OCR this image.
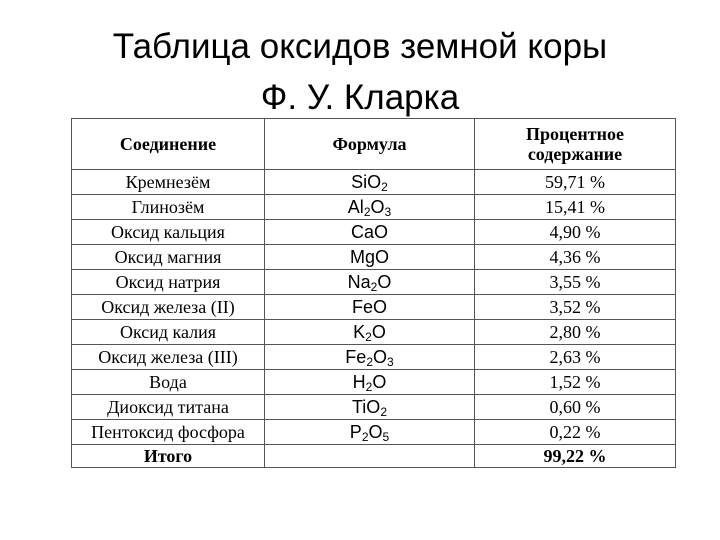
Таблица оксидов земной коры
Ф. У. Кларка
Соединение	Формула	Процентное содержание
Кремнезём	SiO$_2$	59,71 %
Глинозём	$Al_2O_3$	15,41 %
Оксид кальция	CaO	4,90 %
Оксид магния	MgO	4,36 %
Оксид натрия	$Na_2O$	3,55 %
Оксид железа (II)	FeO	3,52 %
Оксид калия	$K_2O$	2,80 %
Оксид железа (III)	$Fe_2O_3$	2,63 %
Вода	$H_2O$	1,52 %
Диоксид титана	TiO$_2$	0,60 %
Пентоксид фосфора	$P_2O_5$	0,22 %
Итого		99,22 %
